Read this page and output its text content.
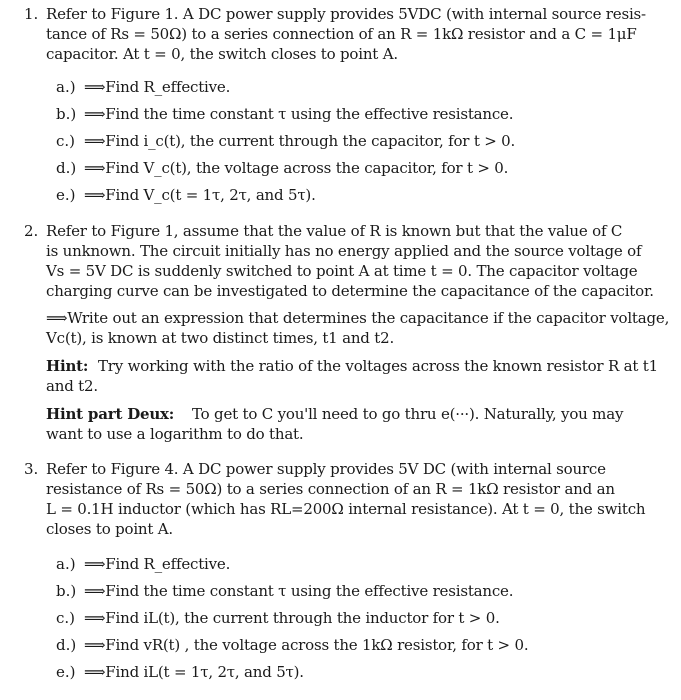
1. Refer to Figure 1. A DC power supply provides 5VDC (with internal source resis-
tance of Rs = 50Ω) to a series connection of an R = 1kΩ resistor and a C = 1μF
capacitor. At t = 0, the switch closes to point A.
a.) ⟹Find R_effective.
b.) ⟹Find the time constant τ using the effective resistance.
c.) ⟹Find i_c(t), the current through the capacitor, for t > 0.
d.) ⟹Find V_c(t), the voltage across the capacitor, for t > 0.
e.) ⟹Find V_c(t = 1τ, 2τ, and 5τ).
2. Refer to Figure 1, assume that the value of R is known but that the value of C
is unknown. The circuit initially has no energy applied and the source voltage of
Vs = 5V DC is suddenly switched to point A at time t = 0. The capacitor voltage
charging curve can be investigated to determine the capacitance of the capacitor.
⟹Write out an expression that determines the capacitance if the capacitor voltage,
Vc(t), is known at two distinct times, t1 and t2.
Hint: Try working with the ratio of the voltages across the known resistor R at t1
and t2.
Hint part Deux: To get to C you'll need to go thru e(···). Naturally, you may
want to use a logarithm to do that.
3. Refer to Figure 4. A DC power supply provides 5V DC (with internal source
resistance of Rs = 50Ω) to a series connection of an R = 1kΩ resistor and an
L = 0.1H inductor (which has RL=200Ω internal resistance). At t = 0, the switch
closes to point A.
a.) ⟹Find R_effective.
b.) ⟹Find the time constant τ using the effective resistance.
c.) ⟹Find iL(t), the current through the inductor for t > 0.
d.) ⟹Find vR(t) , the voltage across the 1kΩ resistor, for t > 0.
e.) ⟹Find iL(t = 1τ, 2τ, and 5τ).
